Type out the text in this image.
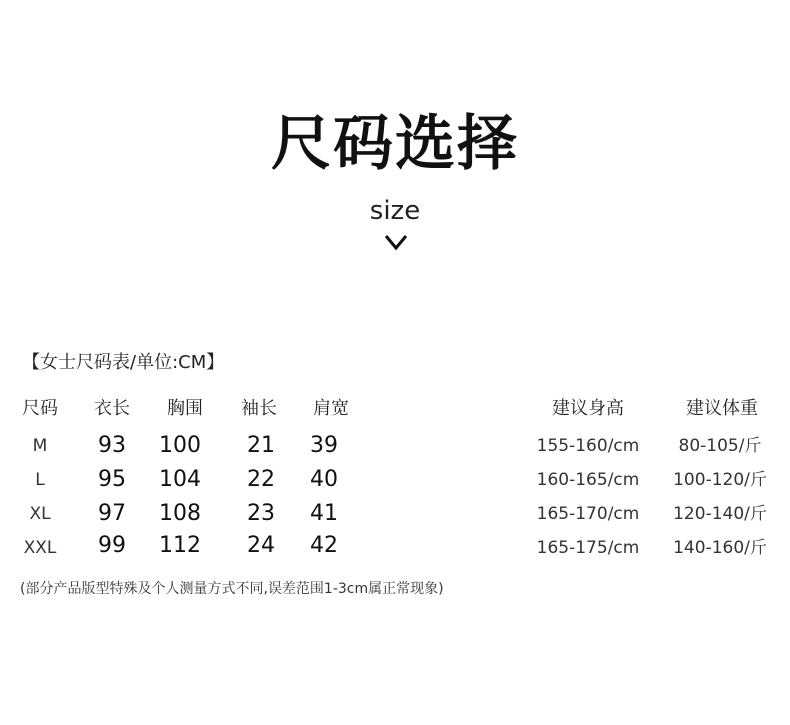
尺码选择
size
【女士尺码表/单位:CM】
尺码 衣长 胸围 袖长 肩宽	建议身高	建议体重
M 93 100 21 39	155-160/cm 80-105/斤
L 95 104 22 40	160-165/cm 100-120/斤
XL 97 108 23 41	165-170/cm 120-140/斤
XXL 99 112 24 42	165-175/cm 140-160/斤
(部分产品版型特殊及个人测量方式不同,误差范围1-3cm属正常现象)
